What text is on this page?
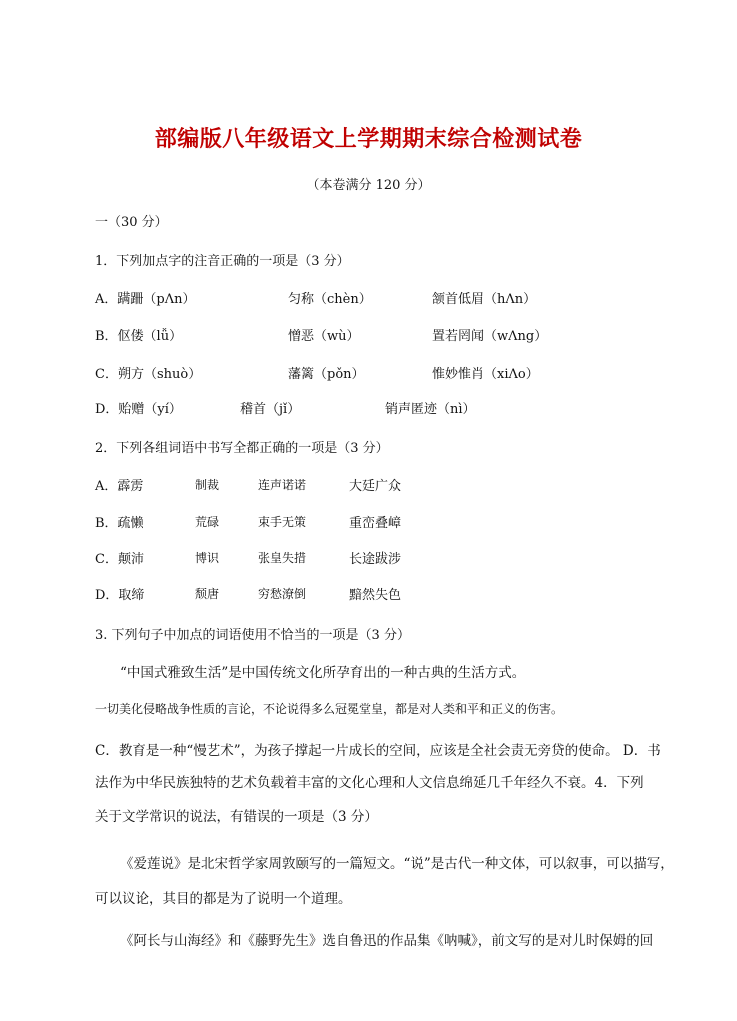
部编版八年级语文上学期期末综合检测试卷
（本卷满分 120 分）
一（30 分）
1．下列加点字的注音正确的一项是（3 分）
A．蹒跚（pɅn）	匀称（chèn）	颔首低眉（hɅn）
B．伛偻（lǚ）	憎恶（wù）	置若罔闻（wɅng）
C．朔方（shuò）	藩篱（pǒn）	惟妙惟肖（xiɅo）
D．贻赠（yí）	稽首（jǐ）	销声匿迹（nì）
2．下列各组词语中书写全都正确的一项是（3 分）
A．霹雳	制裁	连声诺诺	大廷广众
B．疏懒	荒碌	束手无策	重峦叠嶂
C．颠沛	博识	张皇失措	长途跋涉
D．取缔	颓唐	穷愁潦倒	黯然失色
3. 下列句子中加点的词语使用不恰当的一项是（3 分）
“中国式雅致生活”是中国传统文化所孕育出的一种古典的生活方式。
一切美化侵略战争性质的言论，不论说得多么冠冕堂皇，都是对人类和平和正义的伤害。
C．教育是一种“慢艺术”，为孩子撑起一片成长的空间，应该是全社会责无旁贷的使命。 D．书
法作为中华民族独特的艺术负载着丰富的文化心理和人文信息绵延几千年经久不衰。4．下列
关于文学常识的说法，有错误的一项是（3 分）
《爱莲说》是北宋哲学家周敦颐写的一篇短文。“说”是古代一种文体，可以叙事，可以描写，
可以议论，其目的都是为了说明一个道理。
《阿长与山海经》和《藤野先生》选自鲁迅的作品集《呐喊》，前文写的是对儿时保姆的回
